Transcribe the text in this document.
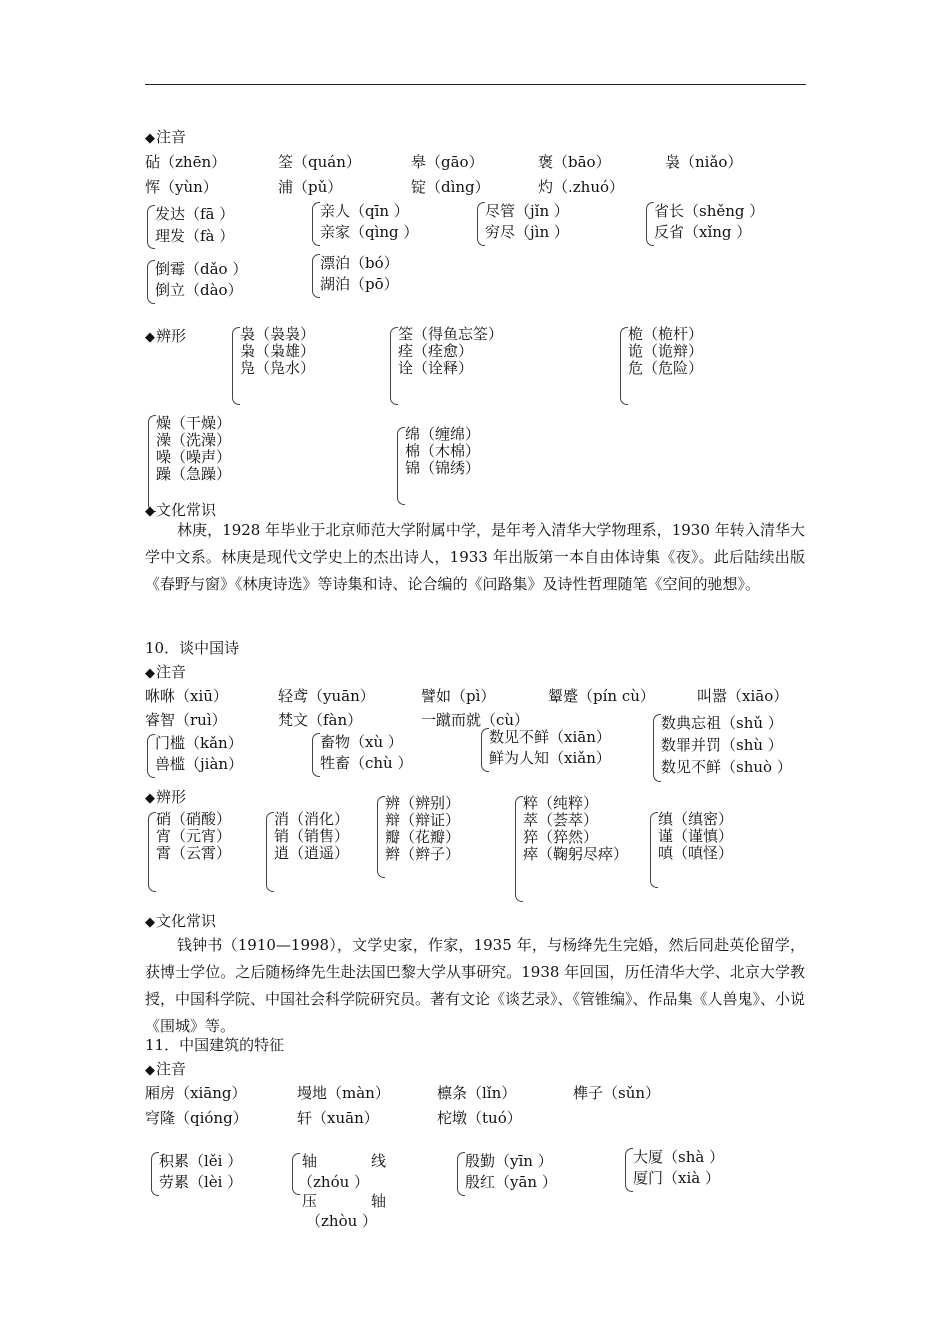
◆ 注音
砧（zhēn）	筌（quán）	皋（gāo）	褒（bāo）	袅（niǎo）
恽（yùn）	浦（pǔ）	锭（dìng）	灼（.zhuó）
发达（fā ）
理发（fà ）
亲人（qīn ）
亲家（qìng ）
尽管（jǐn ）
穷尽（jìn ）
省长（shěng ）
反省（xǐng ）
倒霉（dǎo ）
倒立（dào）
漂泊（bó）
湖泊（pō）
◆ 辨形	袅（袅袅）
枭（枭雄）
凫（凫水）
筌（得鱼忘筌）
痊（痊愈）
诠（诠释）
桅（桅杆）
诡（诡辩）
危（危险）
燥（干燥）
澡（洗澡）
噪（噪声）
躁（急躁）
绵（缠绵）
棉（木棉）
锦（锦绣）
◆ 文化常识
林庚，1928 年毕业于北京师范大学附属中学，是年考入清华大学物理系，1930 年转入清华大学中文系。林庚是现代文学史上的杰出诗人，1933 年出版第一本自由体诗集《夜》。此后陆续出版《春野与窗》《林庚诗选》等诗集和诗、论合编的《问路集》及诗性哲理随笔《空间的驰想》。
10．谈中国诗
◆ 注音
咻咻（xiū）	轻鸢（yuān）	譬如（pì）	颦蹙（pín cù）	叫嚣（xiāo）
睿智（ruì）	梵文（fàn）	一蹴而就（cù）
门槛（kǎn）
兽槛（jiàn）
畜物（xù ）
牲畜（chù ）
数见不鲜（xiān）
鲜为人知（xiǎn）
数典忘祖（shǔ ）
数罪并罚（shù ）
数见不鲜（shuò ）
◆ 辨形
硝（硝酸）
宵（元宵）
霄（云霄）
消（消化）
销（销售）
逍（逍遥）
辨（辨别）
辩（辩证）
瓣（花瓣）
辫（辫子）
粹（纯粹）
萃（荟萃）
猝（猝然）
瘁（鞠躬尽瘁）
缜（缜密）
谨（谨慎）
嗔（嗔怪）
◆ 文化常识
钱钟书（1910—1998），文学史家，作家，1935 年，与杨绛先生完婚，然后同赴英伦留学，获博士学位。之后随杨绛先生赴法国巴黎大学从事研究。1938 年回国，历任清华大学、北京大学教授，中国科学院、中国社会科学院研究员。著有文论《谈艺录》、《管锥编》、作品集《人兽鬼》、小说《围城》等。
11．中国建筑的特征
◆ 注音
厢房（xiāng）	墁地（màn）	檩条（lǐn）	榫子（sǔn）
穹隆（qióng）	轩（xuān）	柁墩（tuó）
积累（lěi ）
劳累（lèi ）
轴	线
（zhóu ）
压	轴
（zhòu ）
殷勤（yīn ）
殷红（yān ）
大厦（shà ）
厦门（xià ）
